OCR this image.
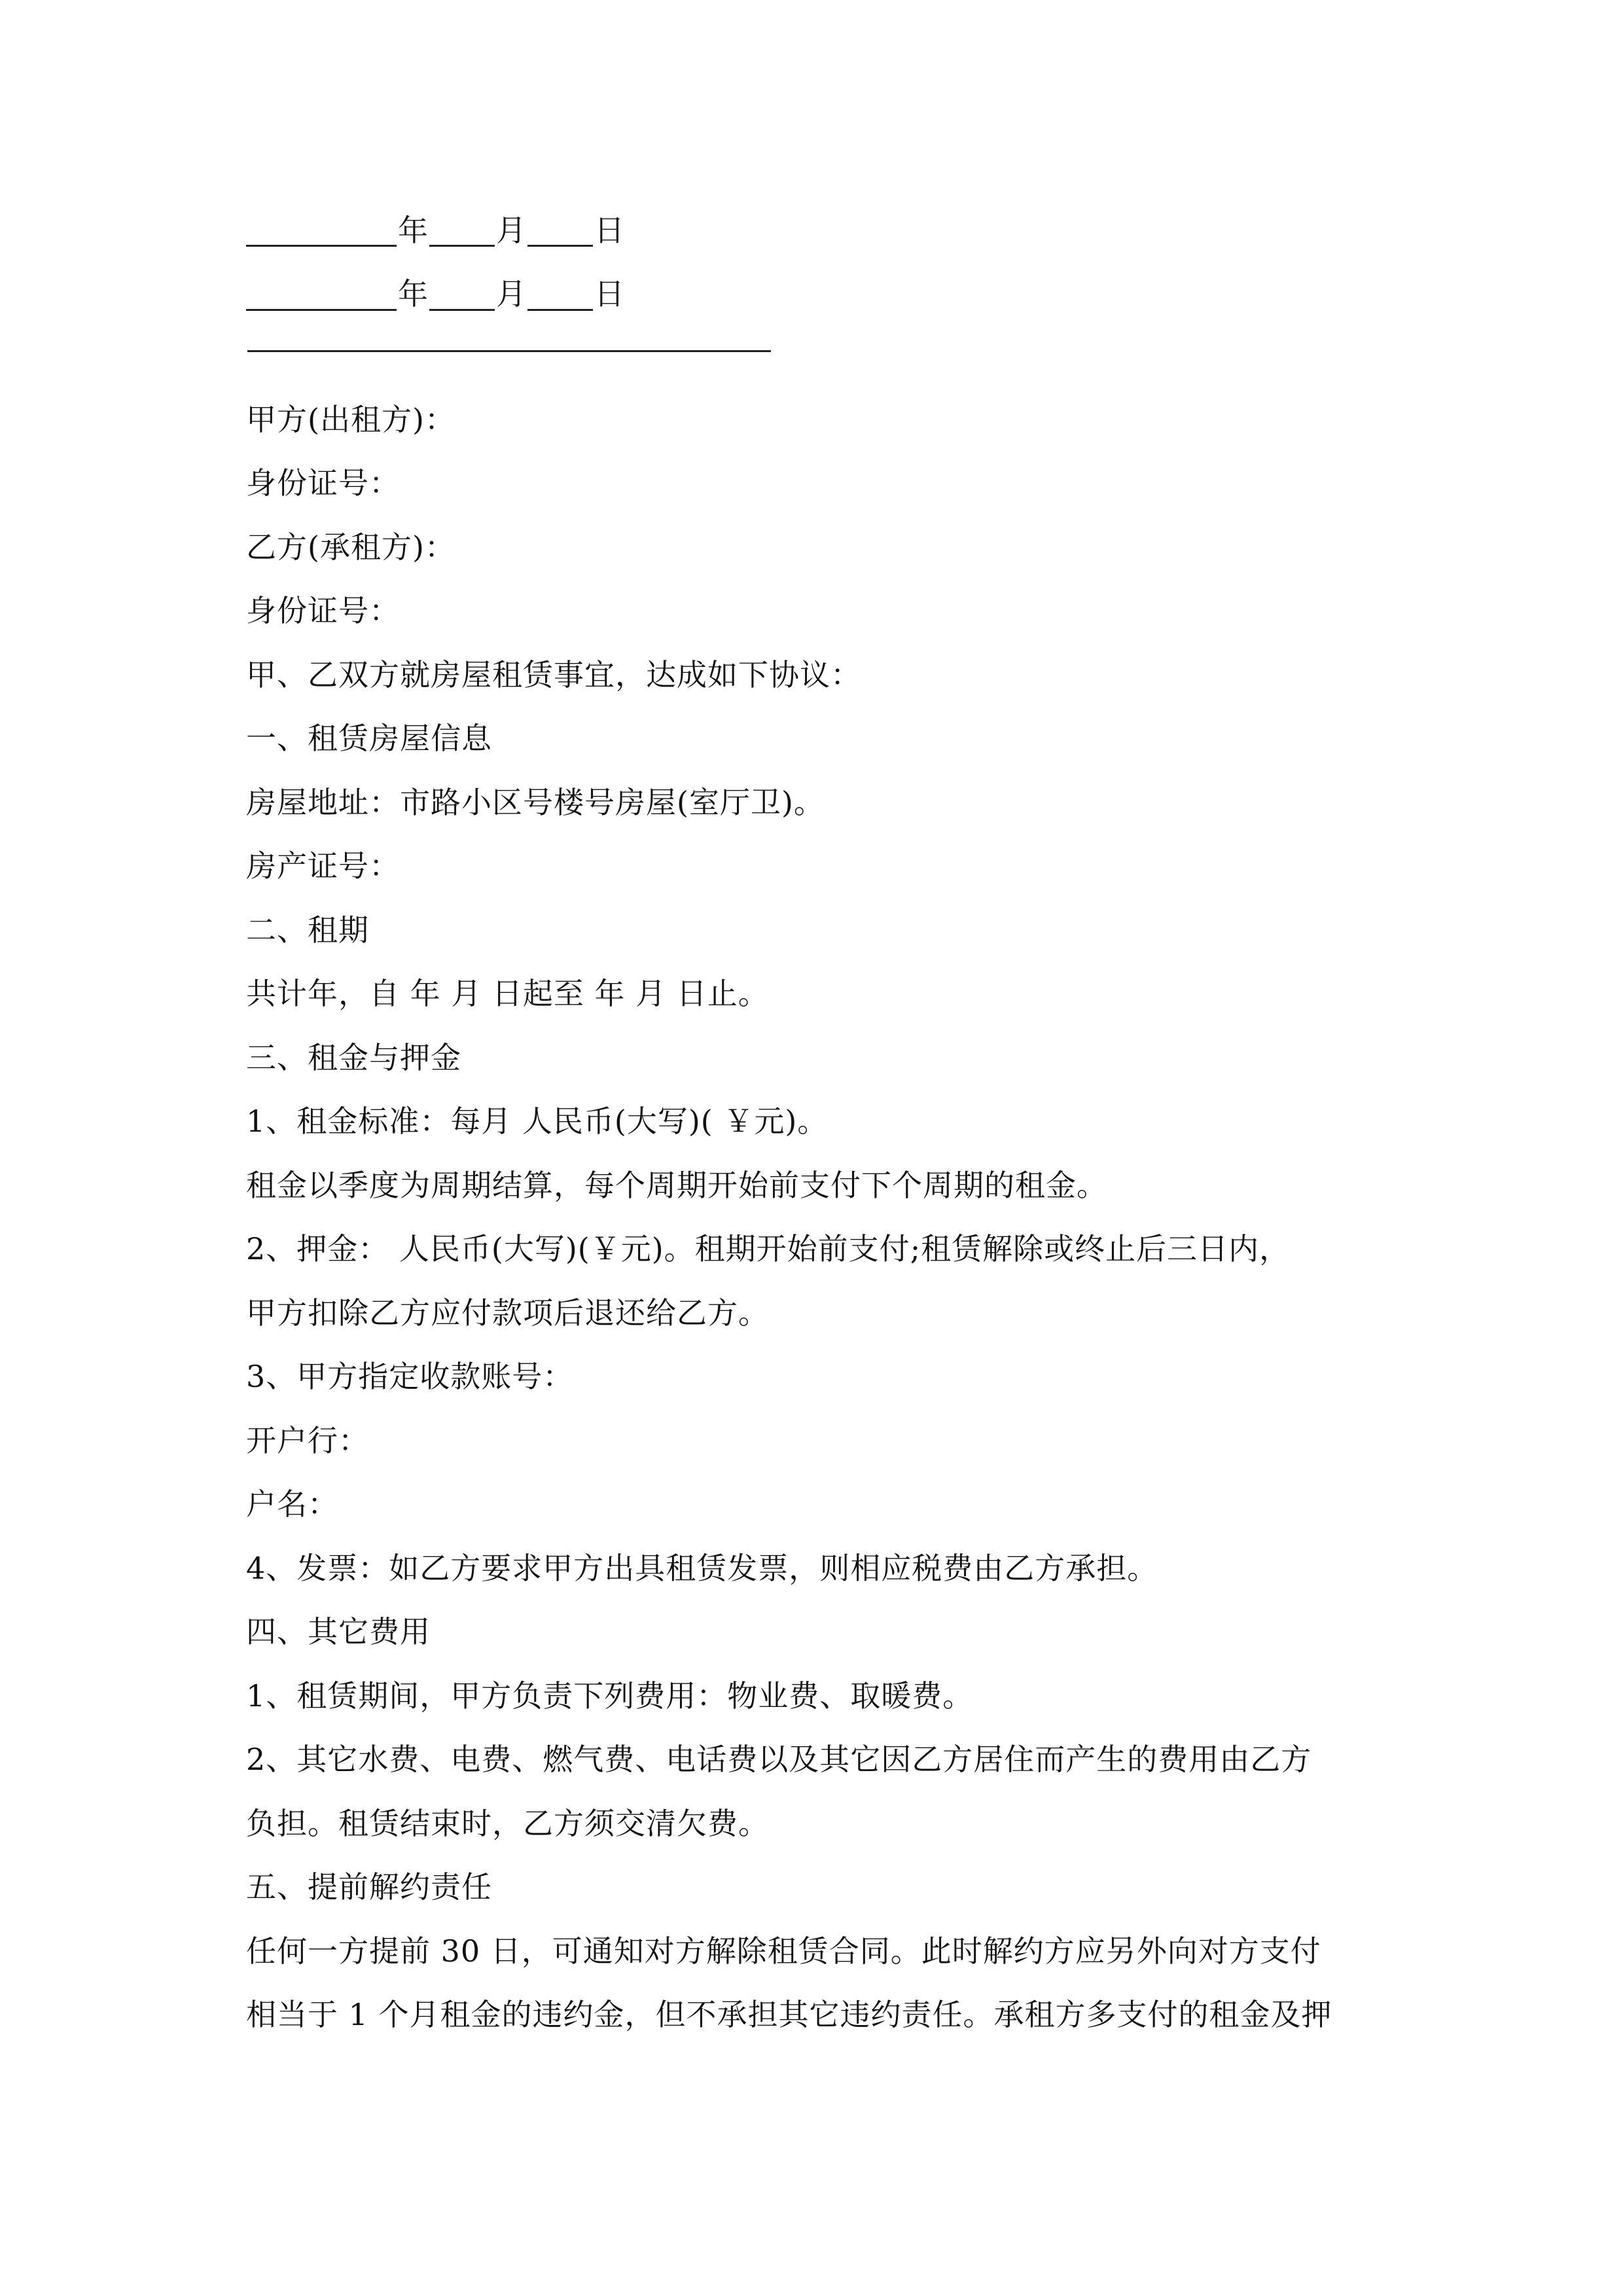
年 月 日
年 月 日
甲方(出租方)：
身份证号：
乙方(承租方)：
身份证号：
甲、乙双方就房屋租赁事宜，达成如下协议：
一、租赁房屋信息
房屋地址：市路小区号楼号房屋(室厅卫)。
房产证号：
二、租期
共计年，自 年 月 日起至 年 月 日止。
三、租金与押金
1、租金标准：每月 人民币(大写)( ￥元)。
租金以季度为周期结算，每个周期开始前支付下个周期的租金。
2、押金： 人民币(大写)(￥元)。租期开始前支付;租赁解除或终止后三日内，
甲方扣除乙方应付款项后退还给乙方。
3、甲方指定收款账号：
开户行：
户名：
4、发票：如乙方要求甲方出具租赁发票，则相应税费由乙方承担。
四、其它费用
1、租赁期间，甲方负责下列费用：物业费、取暖费。
2、其它水费、电费、燃气费、电话费以及其它因乙方居住而产生的费用由乙方
负担。租赁结束时，乙方须交清欠费。
五、提前解约责任
任何一方提前 30 日，可通知对方解除租赁合同。此时解约方应另外向对方支付
相当于 1 个月租金的违约金，但不承担其它违约责任。承租方多支付的租金及押
